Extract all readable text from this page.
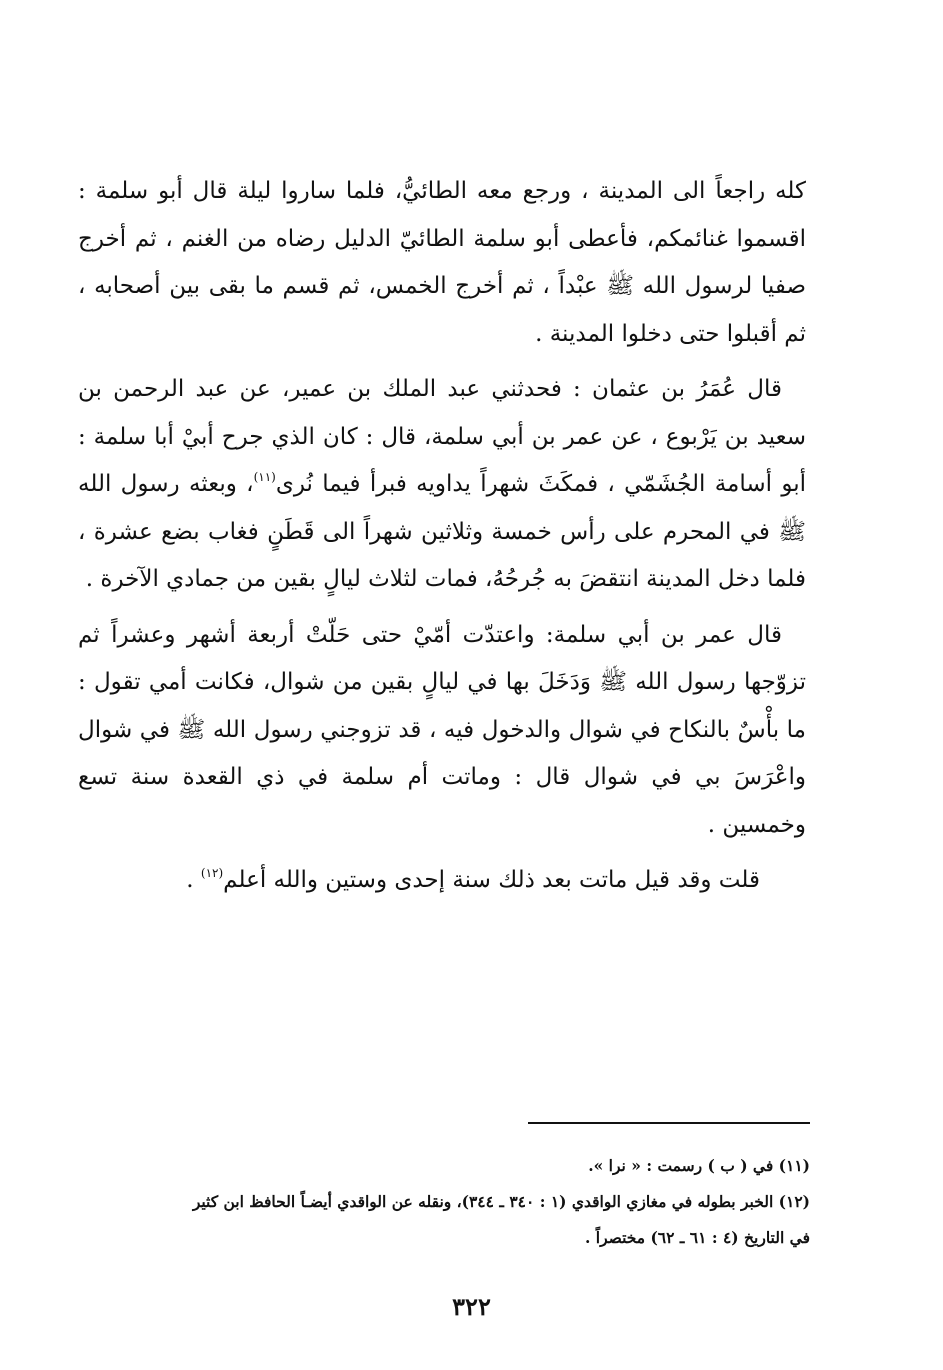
كله راجعاً الى المدينة ، ورجع معه الطائيُّ، فلما ساروا ليلة قال أبو سلمة : اقسموا غنائمكم، فأعطى أبو سلمة الطائيّ الدليل رضاه من الغنم ، ثم أخرج صفيا لرسول الله ﷺ عبْداً ، ثم أخرج الخمس، ثم قسم ما بقى بين أصحابه ، ثم أقبلوا حتى دخلوا المدينة .

قال عُمَرُ بن عثمان : فحدثني عبد الملك بن عمير، عن عبد الرحمن بن سعيد بن يَرْبوع ، عن عمر بن أبي سلمة، قال : كان الذي جرح أبيْ أبا سلمة : أبو أسامة الجُشَمّي ، فمكَثَ شهراً يداويه فبرأ فيما نُرى$^{(١١)}$، وبعثه رسول الله ﷺ في المحرم على رأس خمسة وثلاثين شهراً الى قَطَنٍ فغاب بضع عشرة ، فلما دخل المدينة انتقضَ به جُرحُهُ، فمات لثلاث ليالٍ بقين من جمادي الآخرة .

قال عمر بن أبي سلمة: واعتدّت أمّيْ حتى حَلّتْ أربعة أشهر وعشراً ثم تزوّجها رسول الله ﷺ وَدَخَلَ بها في ليالٍ بقين من شوال، فكانت أمي تقول : ما بأْسٌ بالنكاح في شوال والدخول فيه ، قد تزوجني رسول الله ﷺ في شوال واعْرَسَ بي في شوال قال : وماتت أم سلمة في ذي القعدة سنة تسع وخمسين .

قلت وقد قيل ماتت بعد ذلك سنة إحدى وستين والله أعلم$^{(١٢)}$ .

(١١) في ( ب ) رسمت : « نرا ».

(١٢) الخبر بطوله في مغازي الواقدي (١ : ٣٤٠ ـ ٣٤٤)، ونقله عن الواقدي أيضـاً الحافظ ابن كثير

في التاريخ (٤ : ٦١ ـ ٦٢) مختصراً .

٣٢٢
